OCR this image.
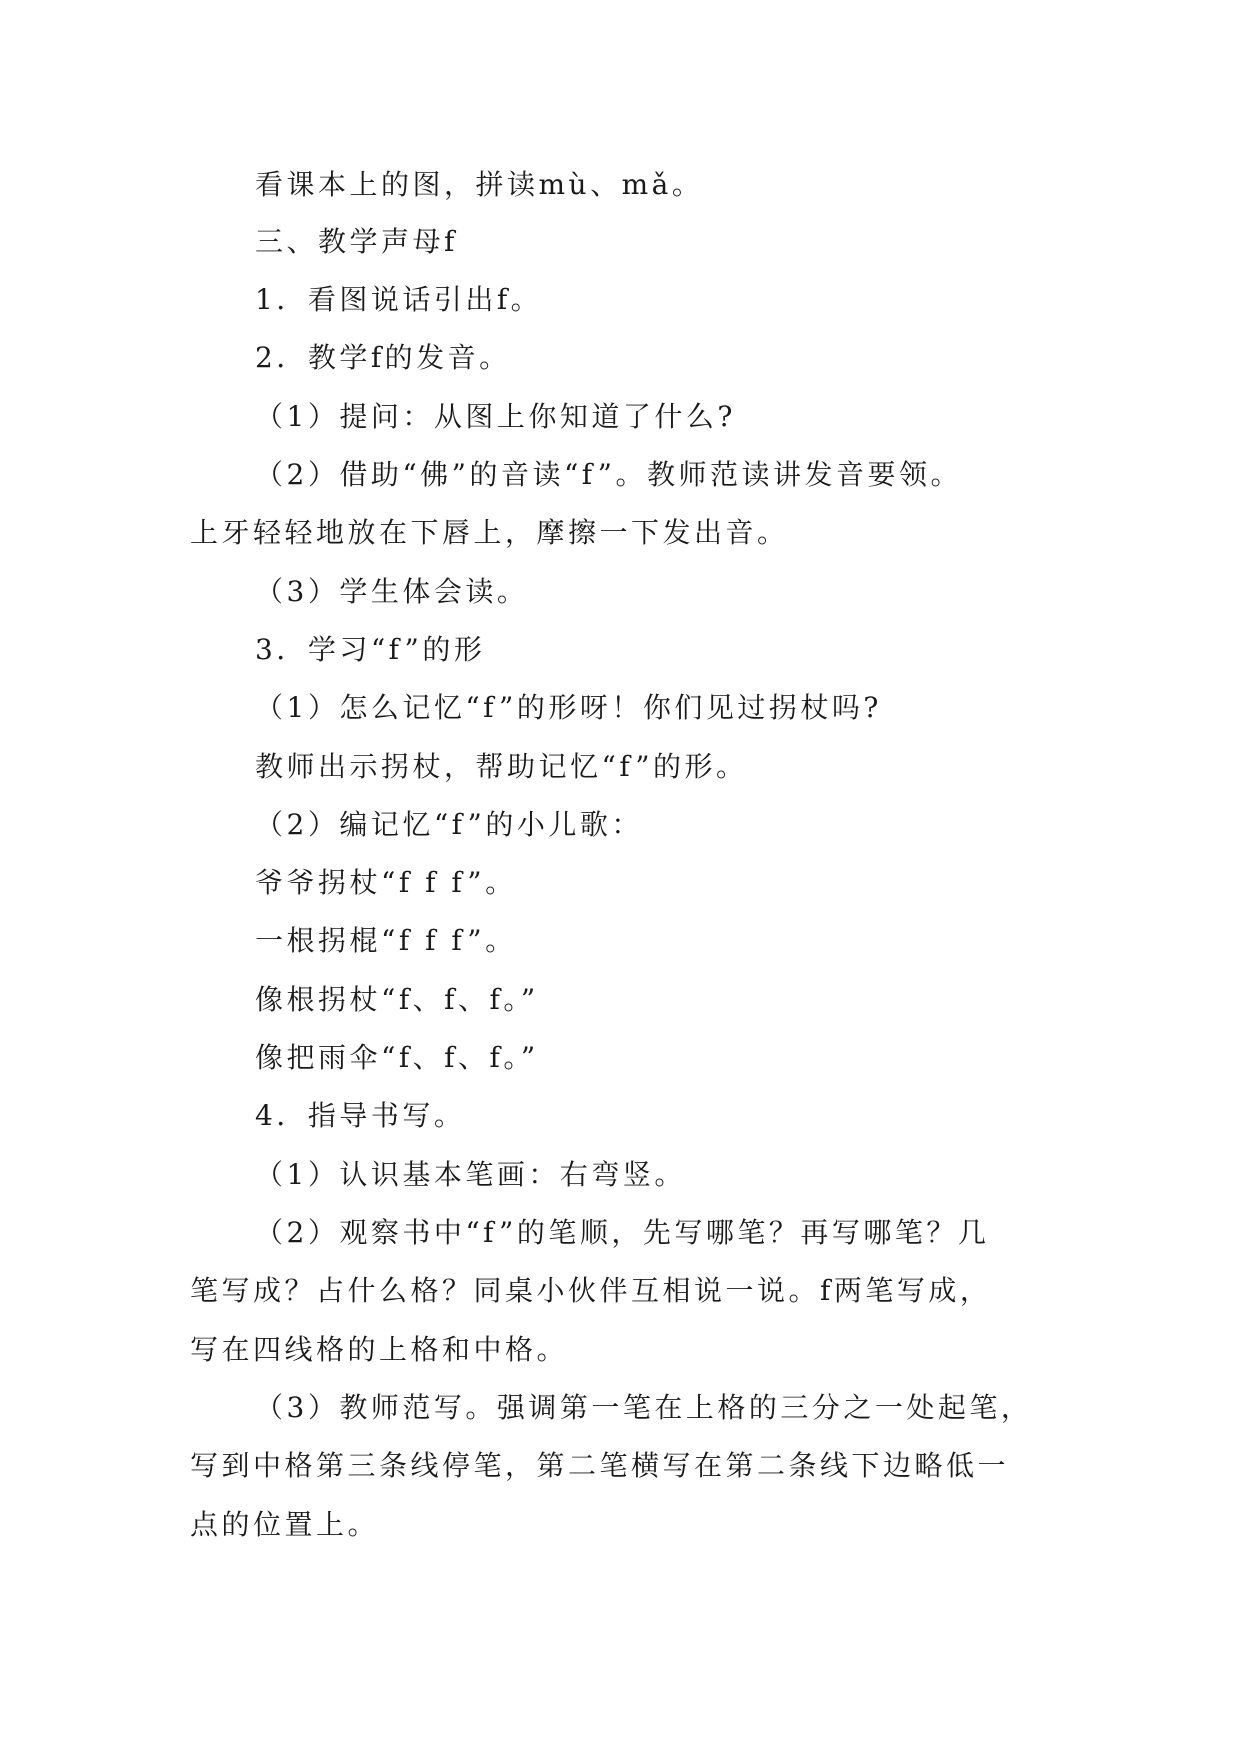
看课本上的图，拼读mù、mǎ。
三、教学声母f
1．看图说话引出f。
2．教学f的发音。
（1）提问：从图上你知道了什么?
（2）借助“佛”的音读“f”。教师范读讲发音要领。
上牙轻轻地放在下唇上，摩擦一下发出音。
（3）学生体会读。
3．学习“f”的形
（1）怎么记忆“f”的形呀！你们见过拐杖吗?
教师出示拐杖，帮助记忆“f”的形。
（2）编记忆“f”的小儿歌：
爷爷拐杖“f f f”。
一根拐棍“f f f”。
像根拐杖“f、f、f。”
像把雨伞“f、f、f。”
4．指导书写。
（1）认识基本笔画：右弯竖。
（2）观察书中“f”的笔顺，先写哪笔？再写哪笔？几
笔写成？占什么格？同桌小伙伴互相说一说。f两笔写成，
写在四线格的上格和中格。
（3）教师范写。强调第一笔在上格的三分之一处起笔，
写到中格第三条线停笔，第二笔横写在第二条线下边略低一
点的位置上。
